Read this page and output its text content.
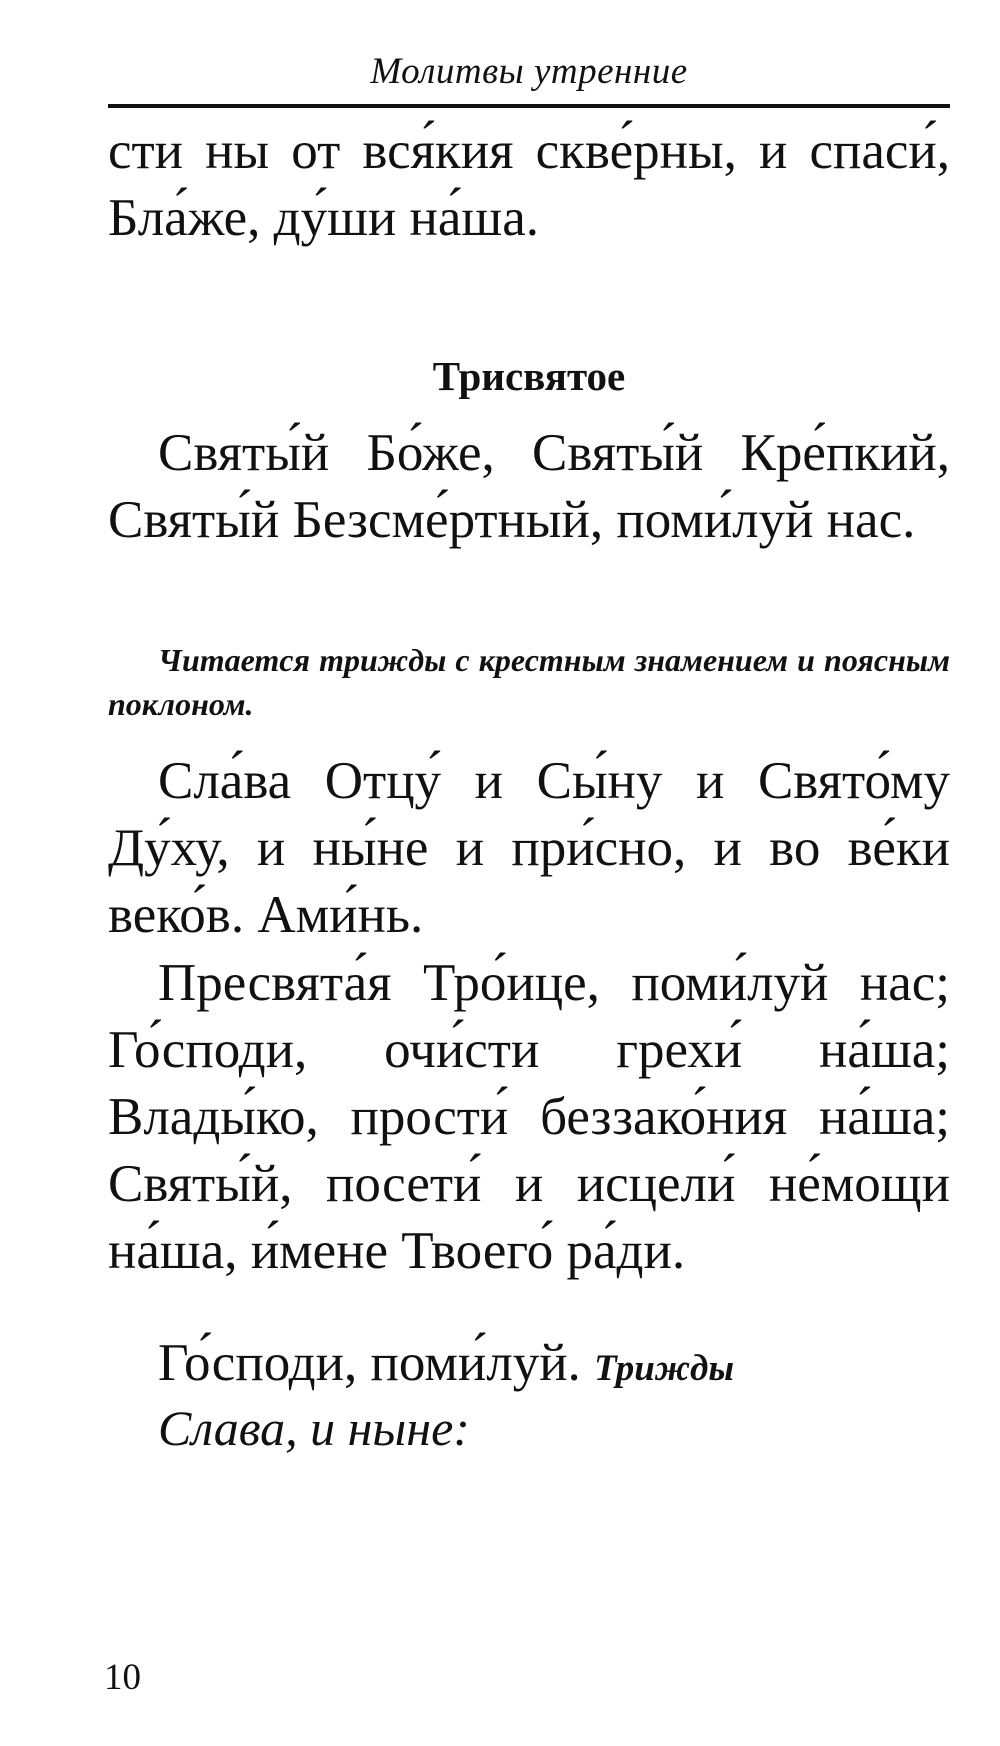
Молитвы утренние

сти ны от вся́кия скве́рны, и спаси́, Бла́же, ду́ши на́ша.

Трисвятое

Святы́й Бо́же, Святы́й Кре́пкий, Святы́й Безсме́ртный, поми́луй нас.

Читается трижды с крестным знамением и поясным поклоном.

Сла́ва Отцу́ и Сы́ну и Свято́му Ду́ху, и ны́не и при́сно, и во ве́ки веко́в. Ами́нь.

Пресвята́я Тро́ице, поми́луй нас; Го́споди, очи́сти грехи́ на́ша; Влады́ко, прости́ беззако́ния на́ша; Святы́й, посети́ и исцели́ не́мощи на́ша, и́мене Твоего́ ра́ди.

Го́споди, поми́луй. Трижды

Слава, и ныне:
10
